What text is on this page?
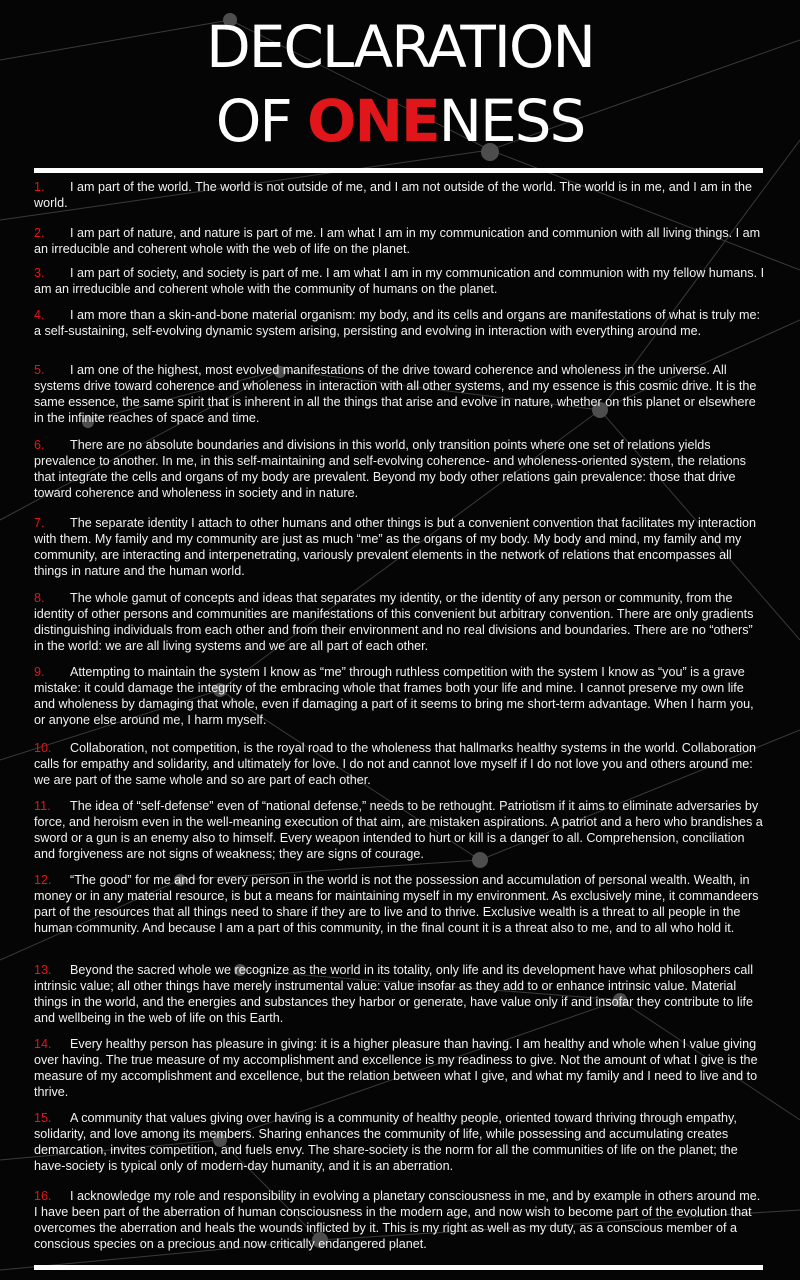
DECLARATION
OF ONENESS
1. I am part of the world. The world is not outside of me, and I am not outside of the world. The world is in me, and I am in the world.
2. I am part of nature, and nature is part of me. I am what I am in my communication and communion with all living things. I am an irreducible and coherent whole with the web of life on the planet.
3. I am part of society, and society is part of me. I am what I am in my communication and communion with my fellow humans. I am an irreducible and coherent whole with the community of humans on the planet.
4. I am more than a skin-and-bone material organism: my body, and its cells and organs are manifestations of what is truly me: a self-sustaining, self-evolving dynamic system arising, persisting and evolving in interaction with everything around me.
5. I am one of the highest, most evolved manifestations of the drive toward coherence and wholeness in the universe. All systems drive toward coherence and wholeness in interaction with all other systems, and my essence is this cosmic drive. It is the same essence, the same spirit that is inherent in all the things that arise and evolve in nature, whether on this planet or elsewhere in the infinite reaches of space and time.
6. There are no absolute boundaries and divisions in this world, only transition points where one set of relations yields prevalence to another. In me, in this self-maintaining and self-evolving coherence- and wholeness-oriented system, the relations that integrate the cells and organs of my body are prevalent. Beyond my body other relations gain prevalence: those that drive toward coherence and wholeness in society and in nature.
7. The separate identity I attach to other humans and other things is but a convenient convention that facilitates my interaction with them. My family and my community are just as much “me” as the organs of my body. My body and mind, my family and my community, are interacting and interpenetrating, variously prevalent elements in the network of relations that encompasses all things in nature and the human world.
8. The whole gamut of concepts and ideas that separates my identity, or the identity of any person or community, from the identity of other persons and communities are manifestations of this convenient but arbitrary convention. There are only gradients distinguishing individuals from each other and from their environment and no real divisions and boundaries. There are no “others” in the world: we are all living systems and we are all part of each other.
9. Attempting to maintain the system I know as “me” through ruthless competition with the system I know as “you” is a grave mistake: it could damage the integrity of the embracing whole that frames both your life and mine. I cannot preserve my own life and wholeness by damaging that whole, even if damaging a part of it seems to bring me short-term advantage. When I harm you, or anyone else around me, I harm myself.
10. Collaboration, not competition, is the royal road to the wholeness that hallmarks healthy systems in the world. Collaboration calls for empathy and solidarity, and ultimately for love. I do not and cannot love myself if I do not love you and others around me: we are part of the same whole and so are part of each other.
11. The idea of “self-defense” even of “national defense,” needs to be rethought. Patriotism if it aims to eliminate adversaries by force, and heroism even in the well-meaning execution of that aim, are mistaken aspirations. A patriot and a hero who brandishes a sword or a gun is an enemy also to himself. Every weapon intended to hurt or kill is a danger to all. Comprehension, conciliation and forgiveness are not signs of weakness; they are signs of courage.
12. “The good” for me and for every person in the world is not the possession and accumulation of personal wealth. Wealth, in money or in any material resource, is but a means for maintaining myself in my environment. As exclusively mine, it commandeers part of the resources that all things need to share if they are to live and to thrive. Exclusive wealth is a threat to all people in the human community. And because I am a part of this community, in the final count it is a threat also to me, and to all who hold it.
13. Beyond the sacred whole we recognize as the world in its totality, only life and its development have what philosophers call intrinsic value; all other things have merely instrumental value: value insofar as they add to or enhance intrinsic value. Material things in the world, and the energies and substances they harbor or generate, have value only if and insofar they contribute to life and wellbeing in the web of life on this Earth.
14. Every healthy person has pleasure in giving: it is a higher pleasure than having. I am healthy and whole when I value giving over having. The true measure of my accomplishment and excellence is my readiness to give. Not the amount of what I give is the measure of my accomplishment and excellence, but the relation between what I give, and what my family and I need to live and to thrive.
15. A community that values giving over having is a community of healthy people, oriented toward thriving through empathy, solidarity, and love among its members. Sharing enhances the community of life, while possessing and accumulating creates demarcation, invites competition, and fuels envy. The share-society is the norm for all the communities of life on the planet; the have-society is typical only of modern-day humanity, and it is an aberration.
16. I acknowledge my role and responsibility in evolving a planetary consciousness in me, and by example in others around me. I have been part of the aberration of human consciousness in the modern age, and now wish to become part of the evolution that overcomes the aberration and heals the wounds inflicted by it. This is my right as well as my duty, as a conscious member of a conscious species on a precious and now critically endangered planet.
